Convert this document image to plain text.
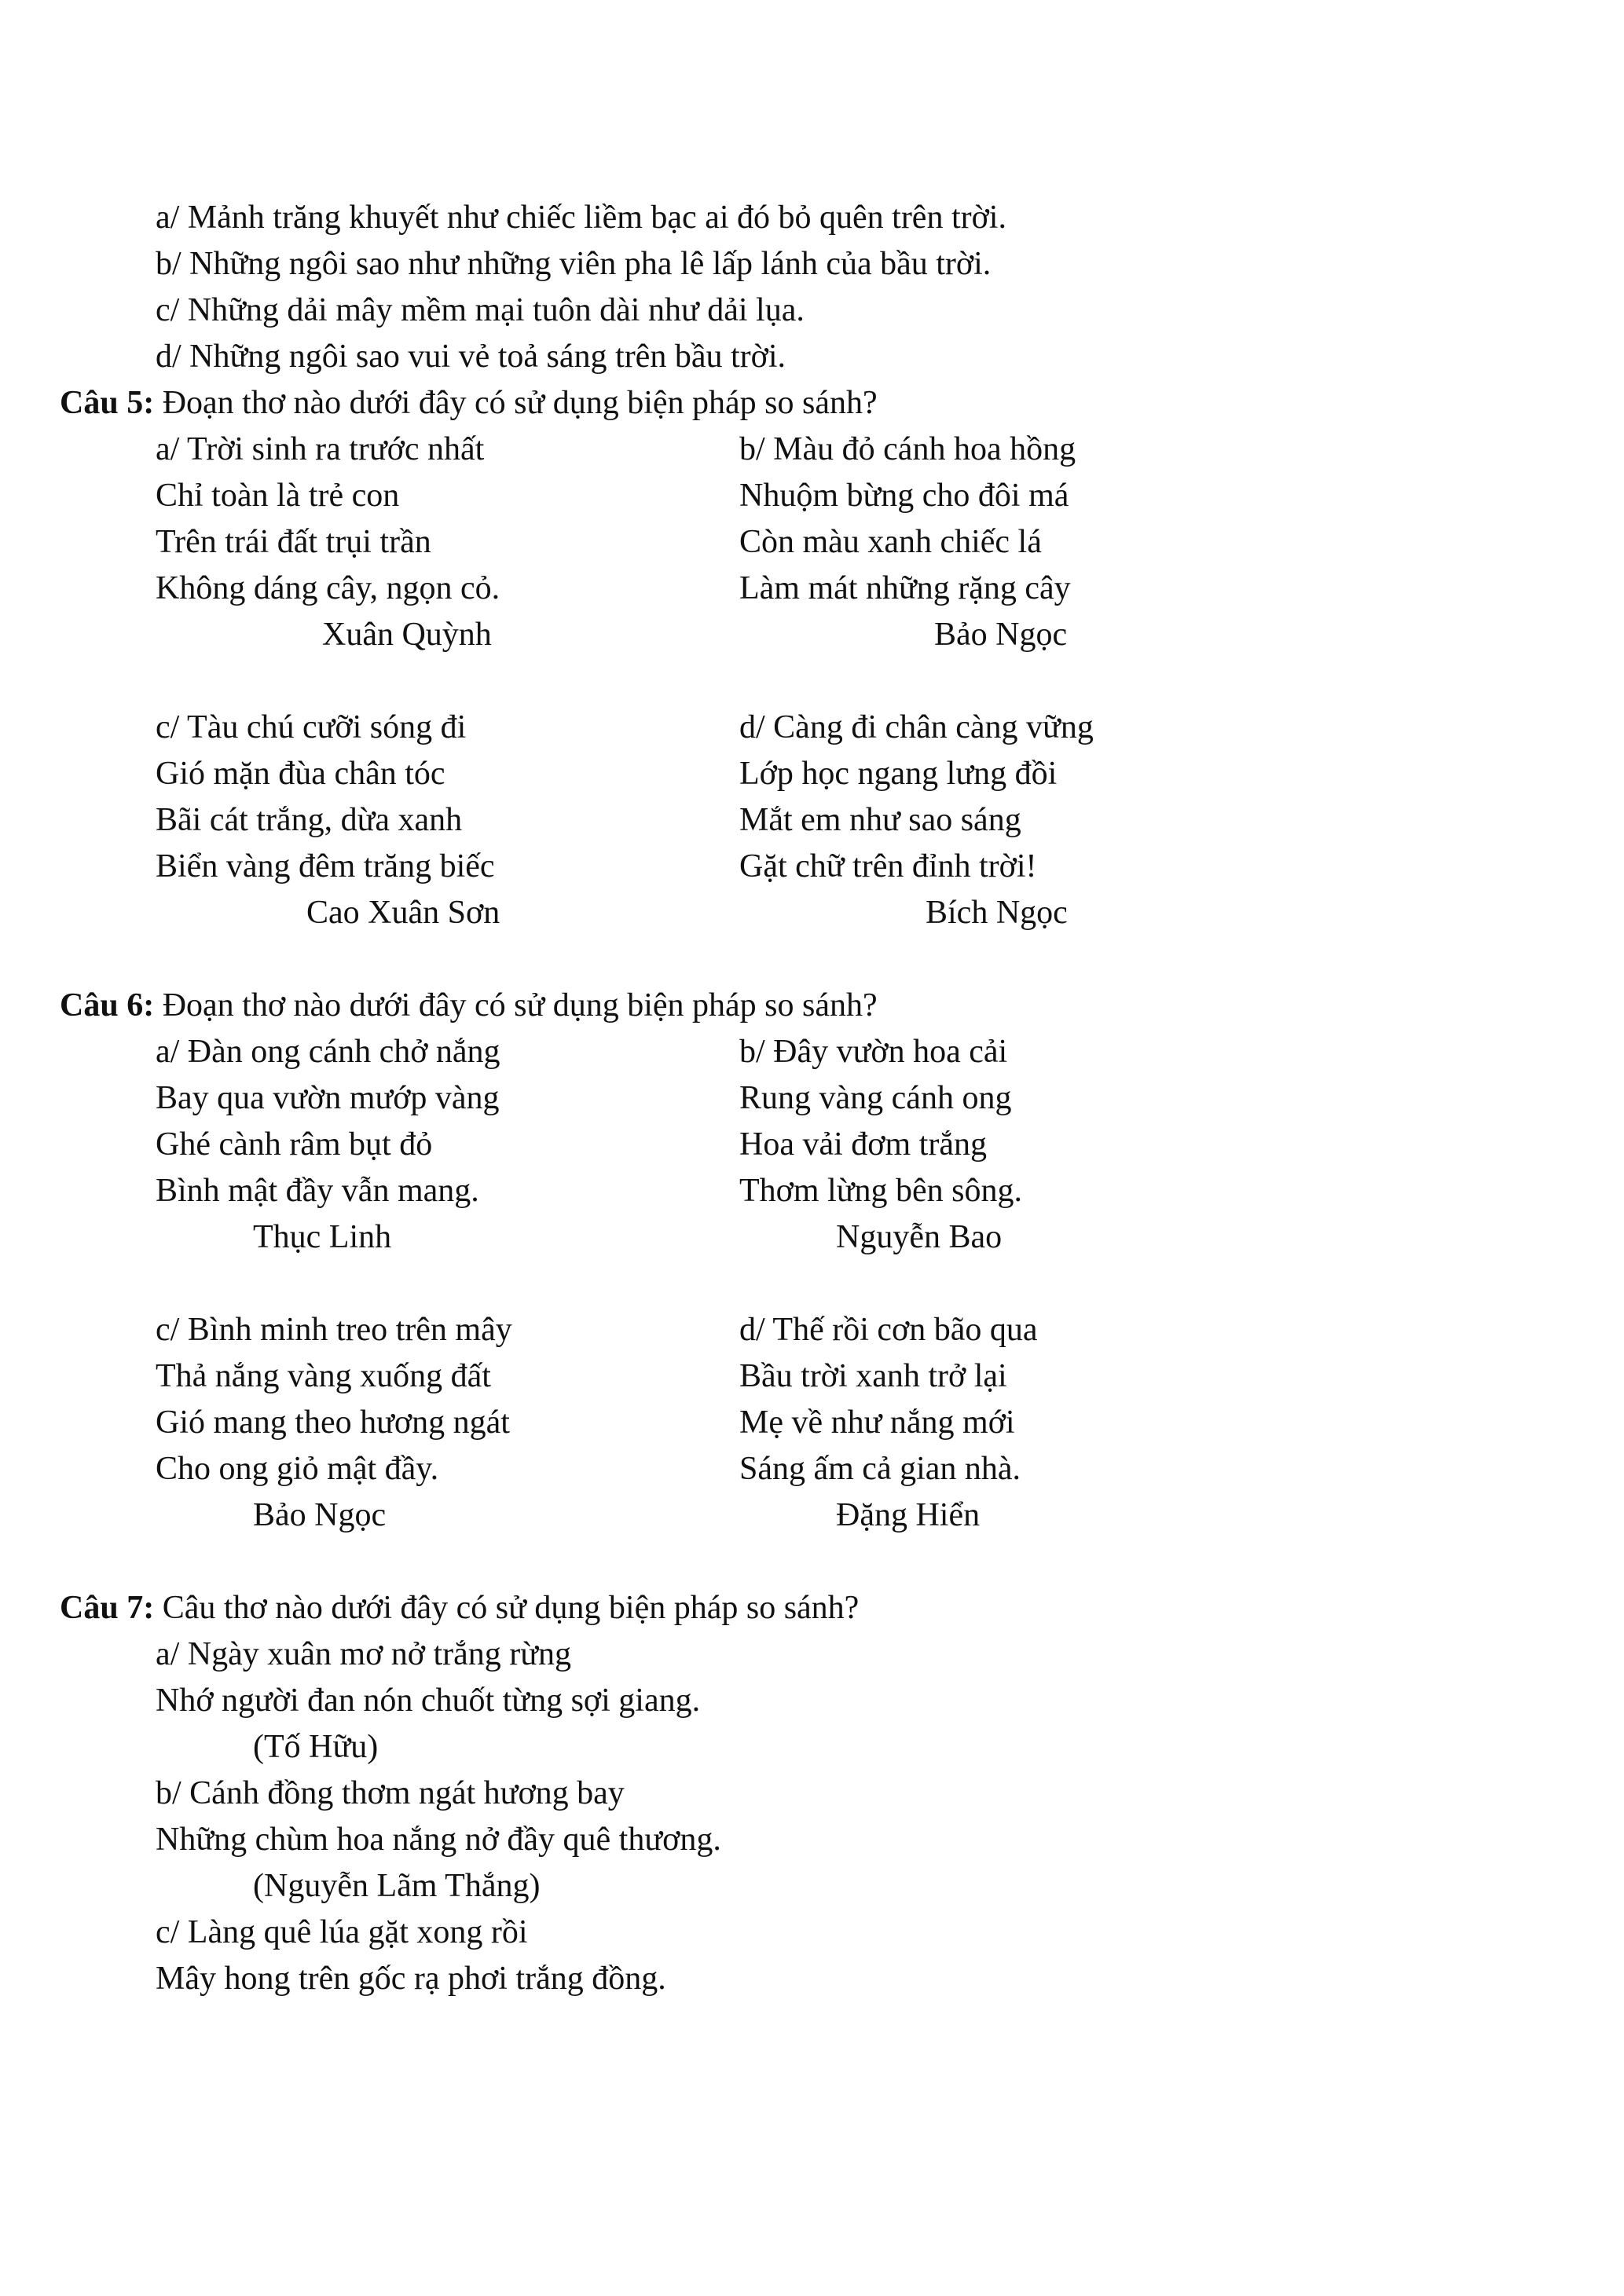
a/ Mảnh trăng khuyết như chiếc liềm bạc ai đó bỏ quên trên trời.
b/ Những ngôi sao như những viên pha lê lấp lánh của bầu trời.
c/ Những dải mây mềm mại tuôn dài như dải lụa.
d/ Những ngôi sao vui vẻ toả sáng trên bầu trời.
Câu 5: Đoạn thơ nào dưới đây có sử dụng biện pháp so sánh?
a/ Trời sinh ra trước nhất
Chỉ toàn là trẻ con
Trên trái đất trụi trần
Không dáng cây, ngọn cỏ.
Xuân Quỳnh
b/ Màu đỏ cánh hoa hồng
Nhuộm bừng cho đôi má
Còn màu xanh chiếc lá
Làm mát những rặng cây
Bảo Ngọc
c/ Tàu chú cưỡi sóng đi
Gió mặn đùa chân tóc
Bãi cát trắng, dừa xanh
Biển vàng đêm trăng biếc
Cao Xuân Sơn
d/ Càng đi chân càng vững
Lớp học ngang lưng đồi
Mắt em như sao sáng
Gặt chữ trên đỉnh trời!
Bích Ngọc
Câu 6: Đoạn thơ nào dưới đây có sử dụng biện pháp so sánh?
a/ Đàn ong cánh chở nắng
Bay qua vườn mướp vàng
Ghé cành râm bụt đỏ
Bình mật đầy vẫn mang.
Thục Linh
b/ Đây vườn hoa cải
Rung vàng cánh ong
Hoa vải đơm trắng
Thơm lừng bên sông.
Nguyễn Bao
c/ Bình minh treo trên mây
Thả nắng vàng xuống đất
Gió mang theo hương ngát
Cho ong giỏ mật đầy.
Bảo Ngọc
d/ Thế rồi cơn bão qua
Bầu trời xanh trở lại
Mẹ về như nắng mới
Sáng ấm cả gian nhà.
Đặng Hiển
Câu 7: Câu thơ nào dưới đây có sử dụng biện pháp so sánh?
a/ Ngày xuân mơ nở trắng rừng
Nhớ người đan nón chuốt từng sợi giang.
(Tố Hữu)
b/ Cánh đồng thơm ngát hương bay
Những chùm hoa nắng nở đầy quê thương.
(Nguyễn Lãm Thắng)
c/ Làng quê lúa gặt xong rồi
Mây hong trên gốc rạ phơi trắng đồng.
